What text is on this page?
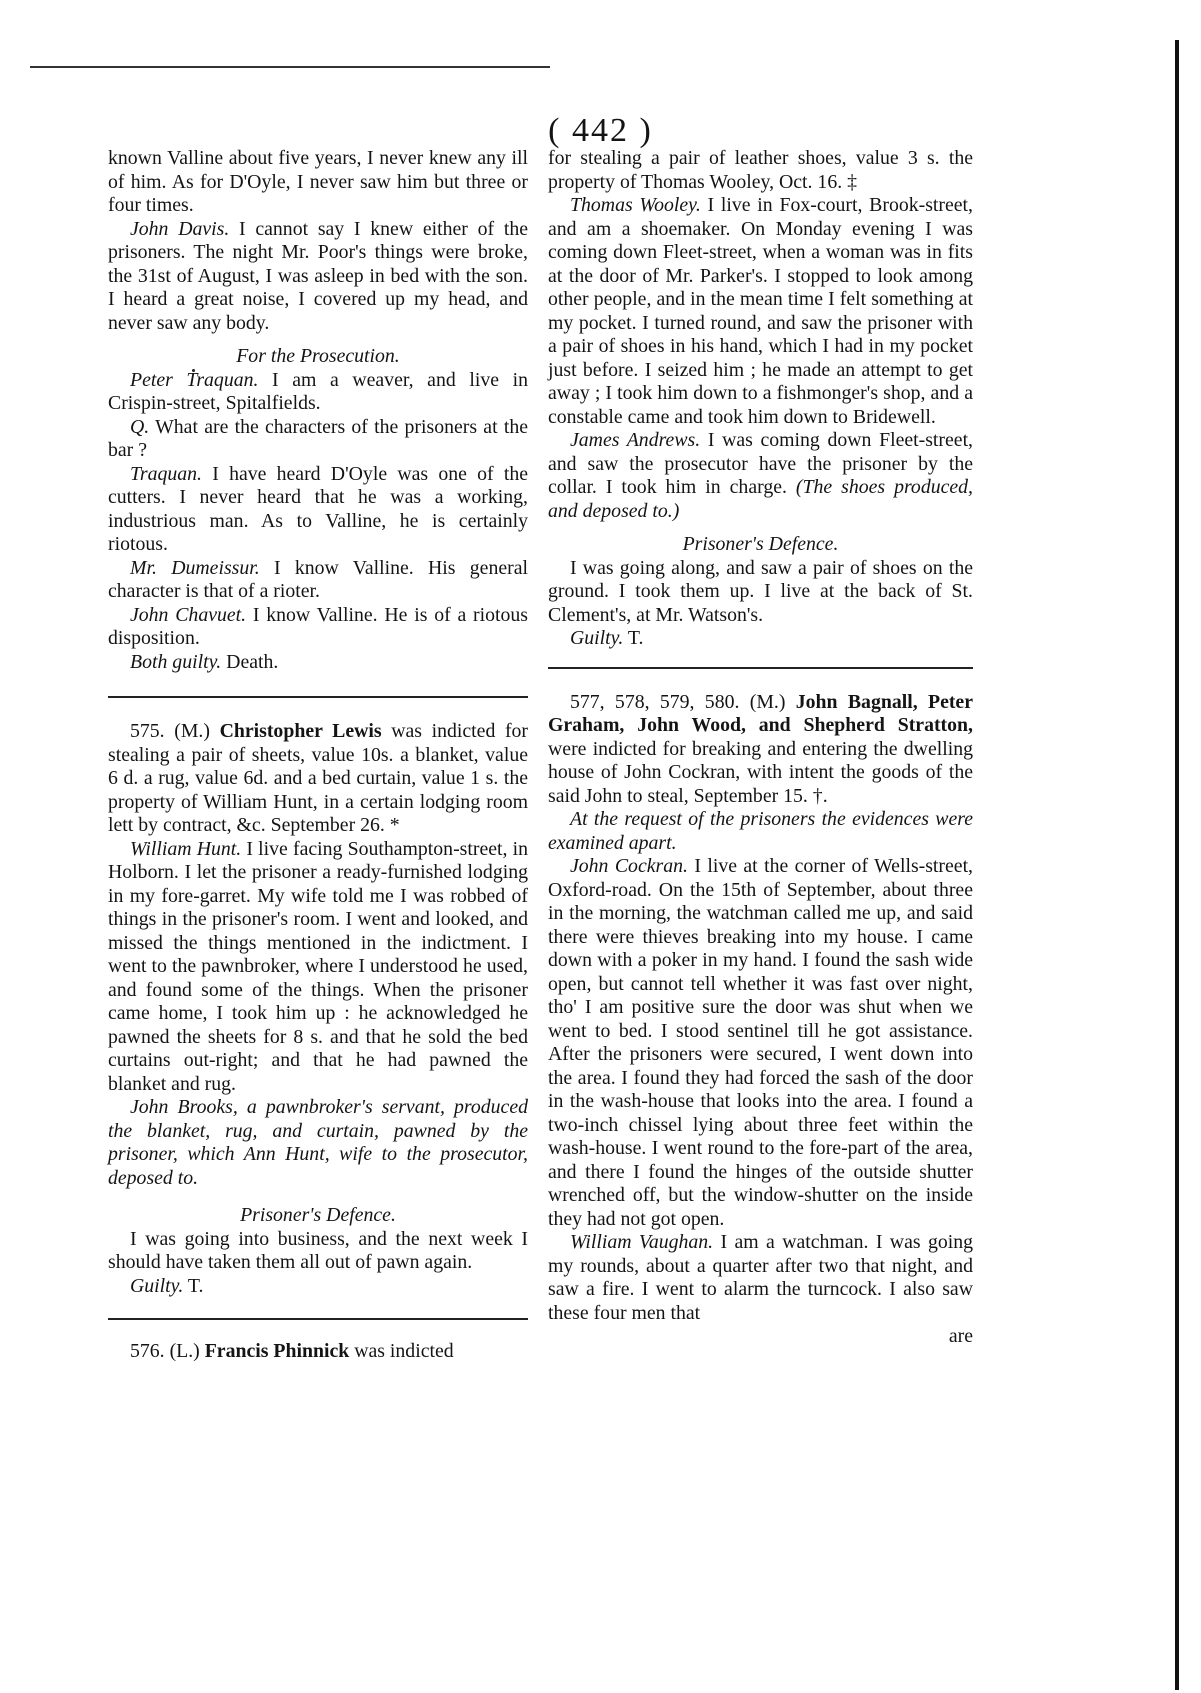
( 442 )

known Valline about five years, I never knew any ill of him. As for D'Oyle, I never saw him but three or four times.

John Davis. I cannot say I knew either of the prisoners. The night Mr. Poor's things were broke, the 31st of August, I was asleep in bed with the son. I heard a great noise, I covered up my head, and never saw any body.

For the Prosecution.

Peter Traquan. I am a weaver, and live in Crispin-street, Spitalfields.

Q. What are the characters of the prisoners at the bar ?

Traquan. I have heard D'Oyle was one of the cutters. I never heard that he was a working, industrious man. As to Valline, he is certainly riotous.

Mr. Dumeissur. I know Valline. His general character is that of a rioter.

John Chavuet. I know Valline. He is of a riotous disposition.

Both guilty. Death.

575. (M.) Christopher Lewis was indicted for stealing a pair of sheets, value 10s. a blanket, value 6 d. a rug, value 6d. and a bed curtain, value 1 s. the property of William Hunt, in a certain lodging room lett by contract, &c. September 26. *

William Hunt. I live facing Southampton-street, in Holborn. I let the prisoner a ready-furnished lodging in my fore-garret. My wife told me I was robbed of things in the prisoner's room. I went and looked, and missed the things mentioned in the indictment. I went to the pawnbroker, where I understood he used, and found some of the things. When the prisoner came home, I took him up : he acknowledged he pawned the sheets for 8 s. and that he sold the bed curtains out-right; and that he had pawned the blanket and rug.

John Brooks, a pawnbroker's servant, produced the blanket, rug, and curtain, pawned by the prisoner, which Ann Hunt, wife to the prosecutor, deposed to.

Prisoner's Defence.

I was going into business, and the next week I should have taken them all out of pawn again.

Guilty. T.

576. (L.) Francis Phinnick was indicted

for stealing a pair of leather shoes, value 3 s. the property of Thomas Wooley, Oct. 16. ‡

Thomas Wooley. I live in Fox-court, Brook-street, and am a shoemaker. On Monday evening I was coming down Fleet-street, when a woman was in fits at the door of Mr. Parker's. I stopped to look among other people, and in the mean time I felt something at my pocket. I turned round, and saw the prisoner with a pair of shoes in his hand, which I had in my pocket just before. I seized him ; he made an attempt to get away ; I took him down to a fishmonger's shop, and a constable came and took him down to Bridewell.

James Andrews. I was coming down Fleet-street, and saw the prosecutor have the prisoner by the collar. I took him in charge. (The shoes produced, and deposed to.)

Prisoner's Defence.

I was going along, and saw a pair of shoes on the ground. I took them up. I live at the back of St. Clement's, at Mr. Watson's.

Guilty. T.

577, 578, 579, 580. (M.) John Bagnall, Peter Graham, John Wood, and Shepherd Stratton, were indicted for breaking and entering the dwelling house of John Cockran, with intent the goods of the said John to steal, September 15. †.

At the request of the prisoners the evidences were examined apart.

John Cockran. I live at the corner of Wells-street, Oxford-road. On the 15th of September, about three in the morning, the watchman called me up, and said there were thieves breaking into my house. I came down with a poker in my hand. I found the sash wide open, but cannot tell whether it was fast over night, tho' I am positive sure the door was shut when we went to bed. I stood sentinel till he got assistance. After the prisoners were secured, I went down into the area. I found they had forced the sash of the door in the wash-house that looks into the area. I found a two-inch chissel lying about three feet within the wash-house. I went round to the fore-part of the area, and there I found the hinges of the outside shutter wrenched off, but the window-shutter on the inside they had not got open.

William Vaughan. I am a watchman. I was going my rounds, about a quarter after two that night, and saw a fire. I went to alarm the turncock. I also saw these four men that

are
